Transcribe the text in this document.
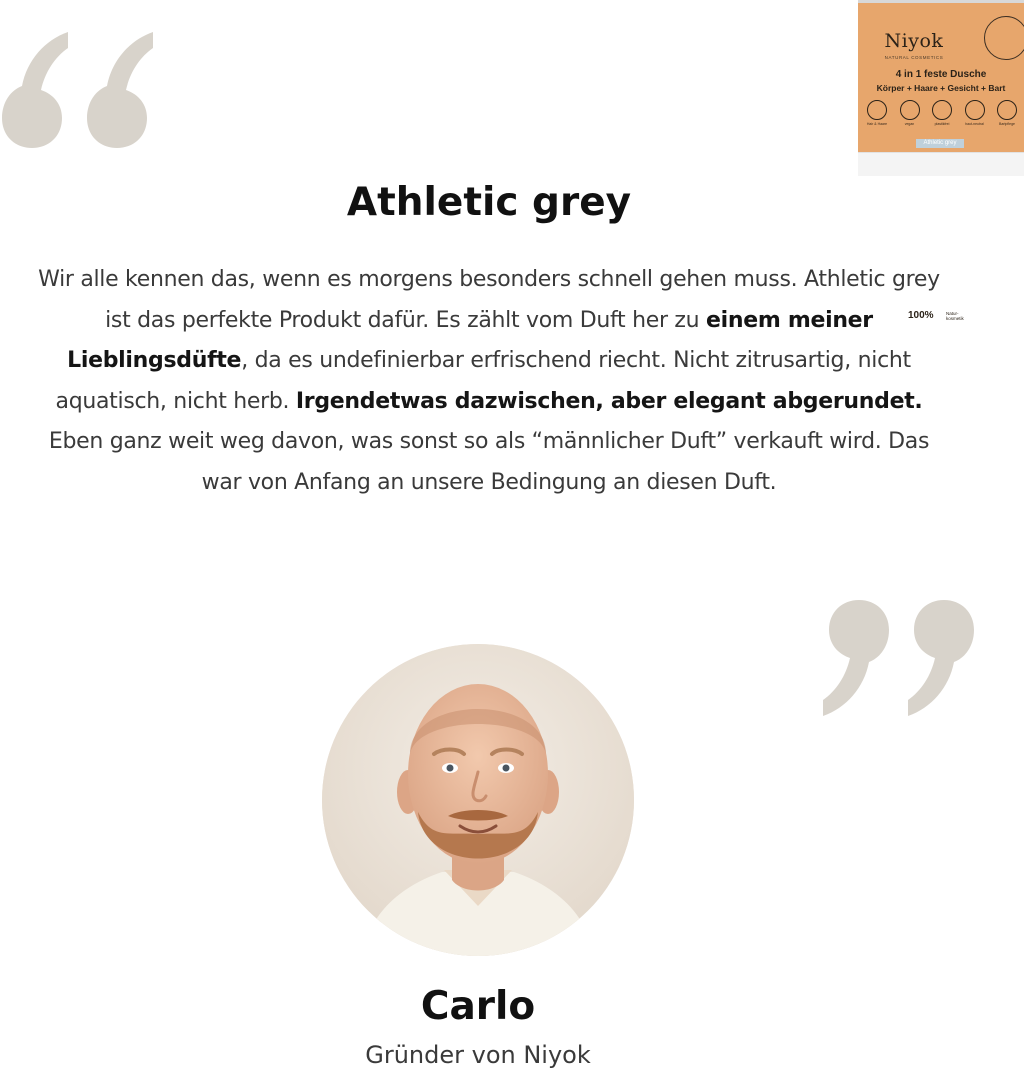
Niyok
NATURAL COSMETICS
4 in 1 feste Dusche
Körper + Haare + Gesicht + Bart
Hair & Haare	vegan	plastikfrei	haut-neutral	Bartpflege
Athletic grey
100%	Natur-kosmetik
Athletic grey

Wir alle kennen das, wenn es morgens besonders schnell gehen muss. Athletic grey ist das perfekte Produkt dafür. Es zählt vom Duft her zu einem meiner Lieblingsdüfte, da es undefinierbar erfrischend riecht. Nicht zitrusartig, nicht aquatisch, nicht herb. Irgendetwas dazwischen, aber elegant abgerundet. Eben ganz weit weg davon, was sonst so als “männlicher Duft” verkauft wird. Das war von Anfang an unsere Bedingung an diesen Duft.

Carlo
Gründer von Niyok
